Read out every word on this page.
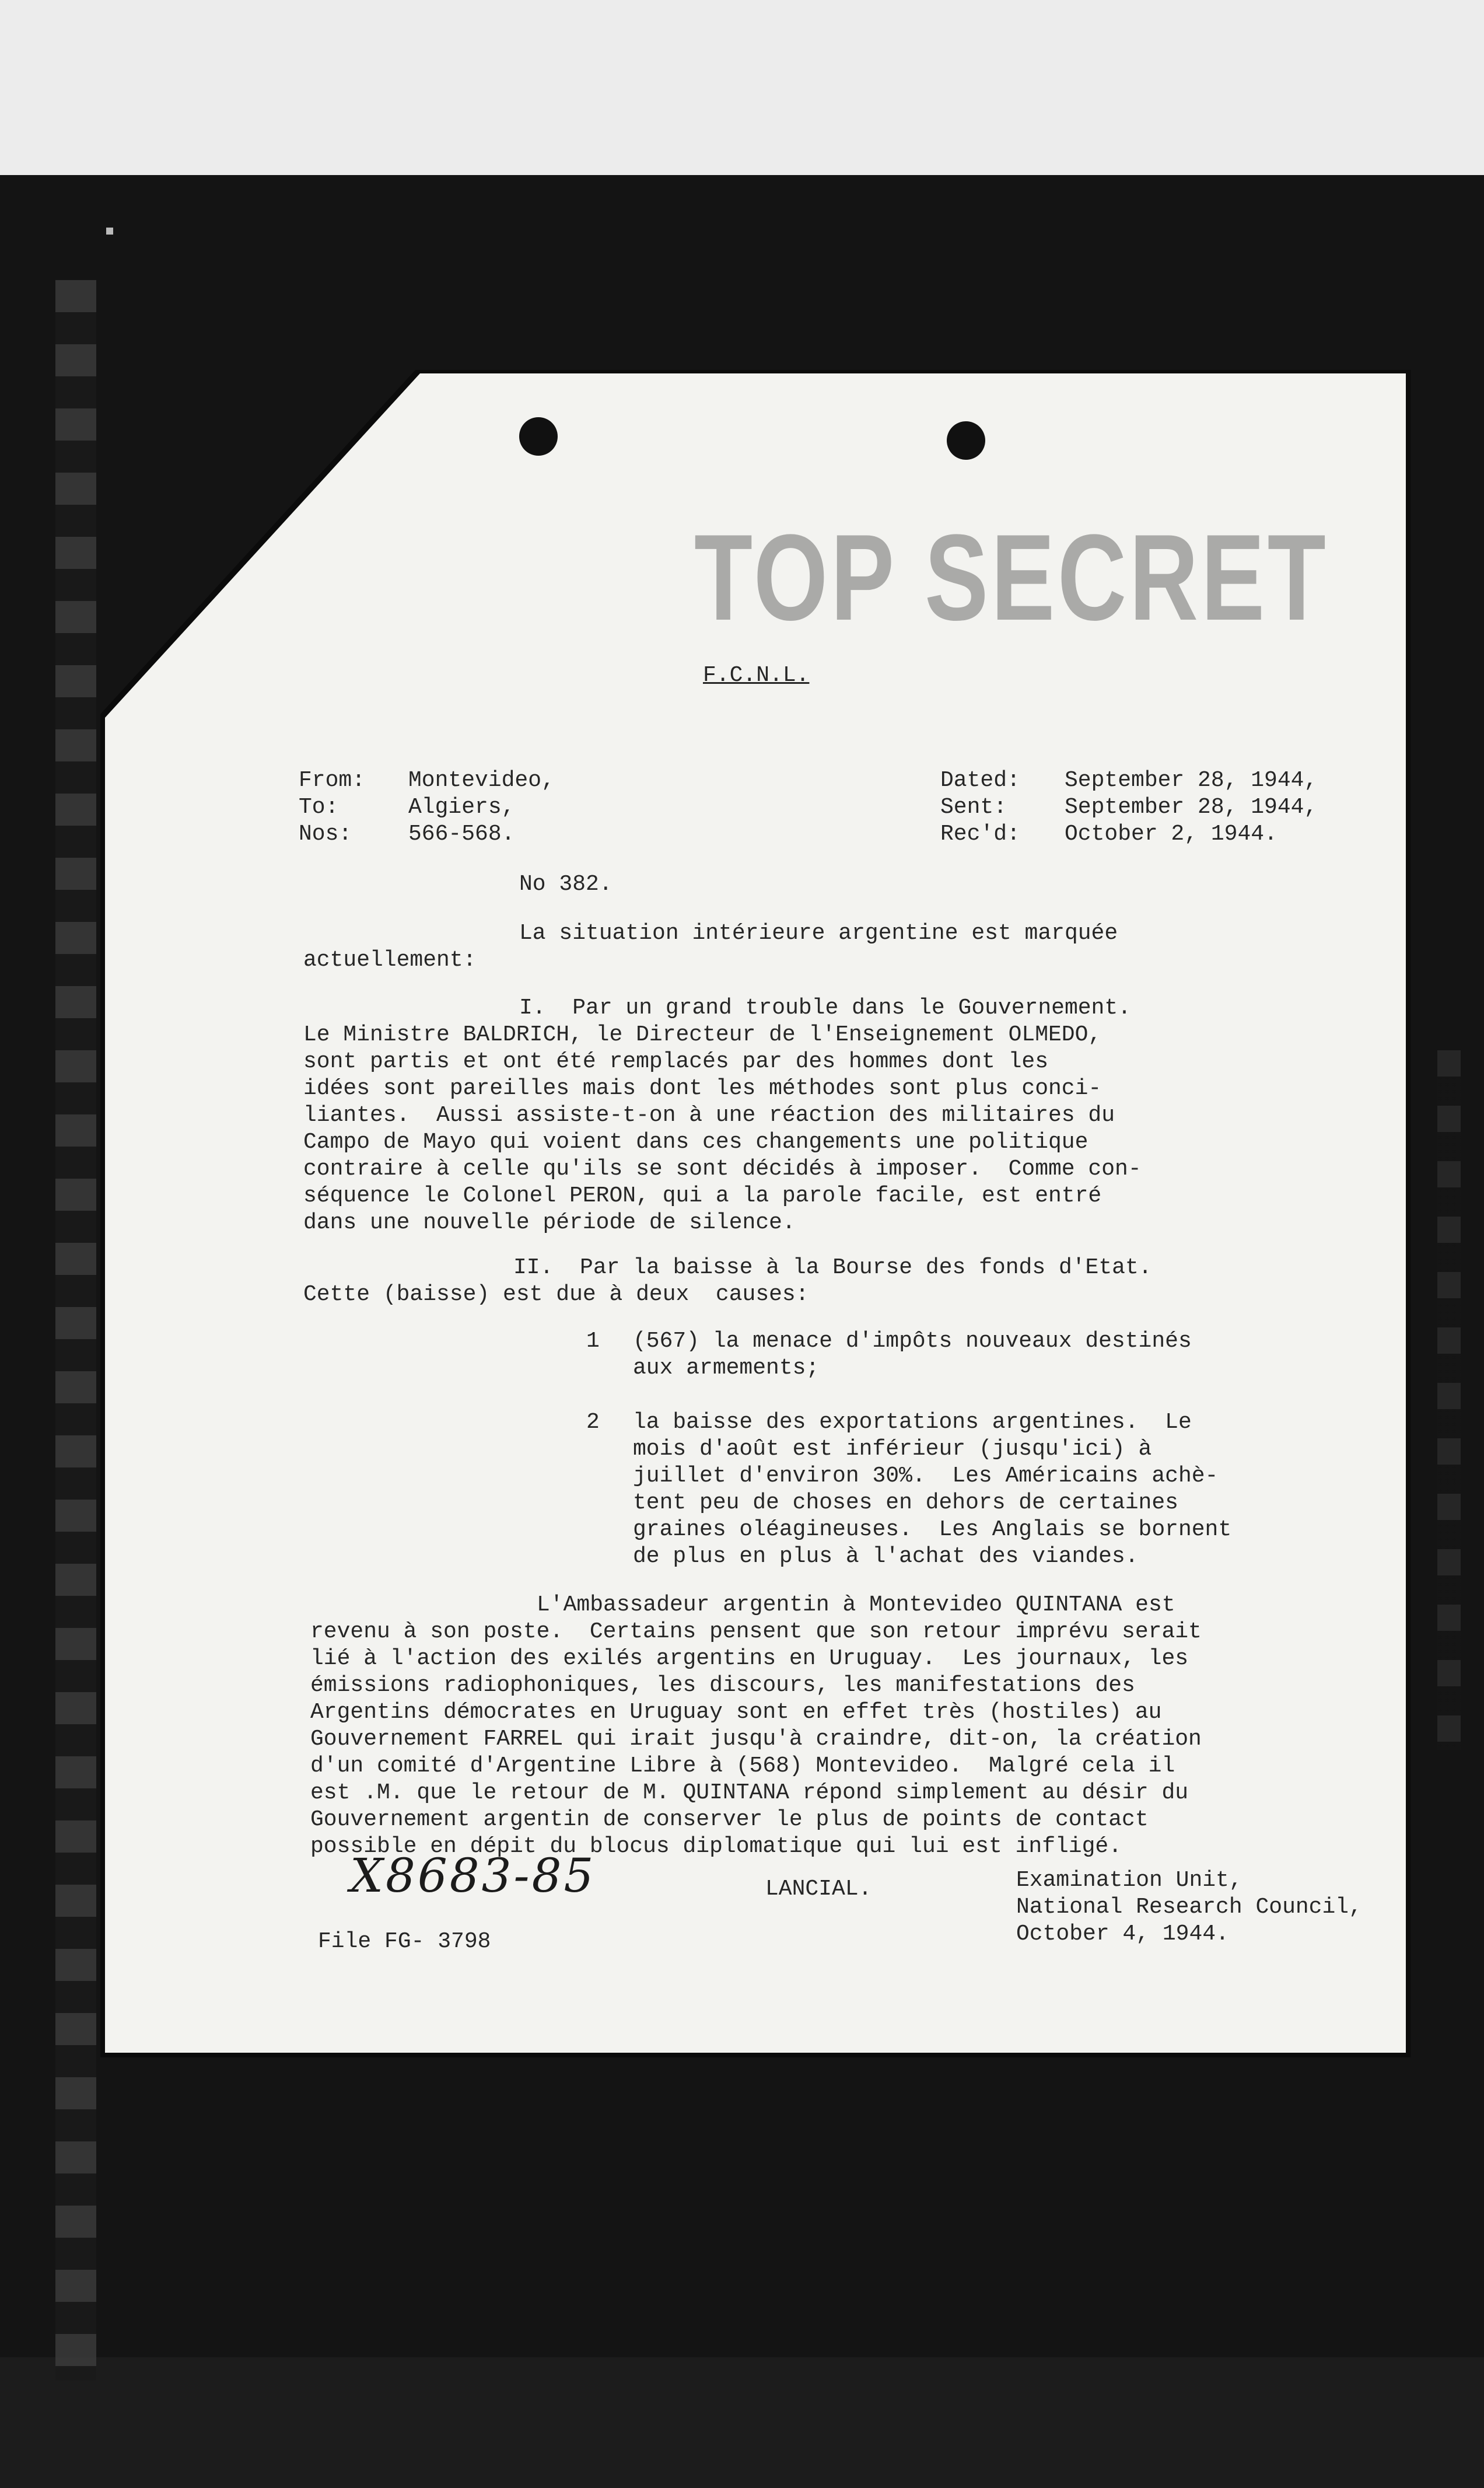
TOP SECRET
F.C.N.L.
From: Montevideo,
To:	Algiers,
Nos:	566-568.
Dated: September 28, 1944,
Sent:	September 28, 1944,
Rec'd: October 2, 1944.
No 382.
La situation intérieure argentine est marquée
actuellement:
I.  Par un grand trouble dans le Gouvernement.
Le Ministre BALDRICH, le Directeur de l'Enseignement OLMEDO,
sont partis et ont été remplacés par des hommes dont les
idées sont pareilles mais dont les méthodes sont plus conci-
liantes.  Aussi assiste-t-on à une réaction des militaires du
Campo de Mayo qui voient dans ces changements une politique
contraire à celle qu'ils se sont décidés à imposer.  Comme con-
séquence le Colonel PERON, qui a la parole facile, est entré
dans une nouvelle période de silence.
II.  Par la baisse à la Bourse des fonds d'Etat.
Cette (baisse) est due à deux  causes:
1 (567) la menace d'impôts nouveaux destinés
aux armements;
2 la baisse des exportations argentines.  Le
mois d'août est inférieur (jusqu'ici) à
juillet d'environ 30%.  Les Américains achè-
tent peu de choses en dehors de certaines
graines oléagineuses.  Les Anglais se bornent
de plus en plus à l'achat des viandes.
L'Ambassadeur argentin à Montevideo QUINTANA est
revenu à son poste.  Certains pensent que son retour imprévu serait
lié à l'action des exilés argentins en Uruguay.  Les journaux, les
émissions radiophoniques, les discours, les manifestations des
Argentins démocrates en Uruguay sont en effet très (hostiles) au
Gouvernement FARREL qui irait jusqu'à craindre, dit-on, la création
d'un comité d'Argentine Libre à (568) Montevideo.  Malgré cela il
est .M. que le retour de M. QUINTANA répond simplement au désir du
Gouvernement argentin de conserver le plus de points de contact
possible en dépit du blocus diplomatique qui lui est infligé.
X8683-85	LANCIAL.	Examination Unit,
National Research Council,
October 4, 1944.
File FG- 3798
